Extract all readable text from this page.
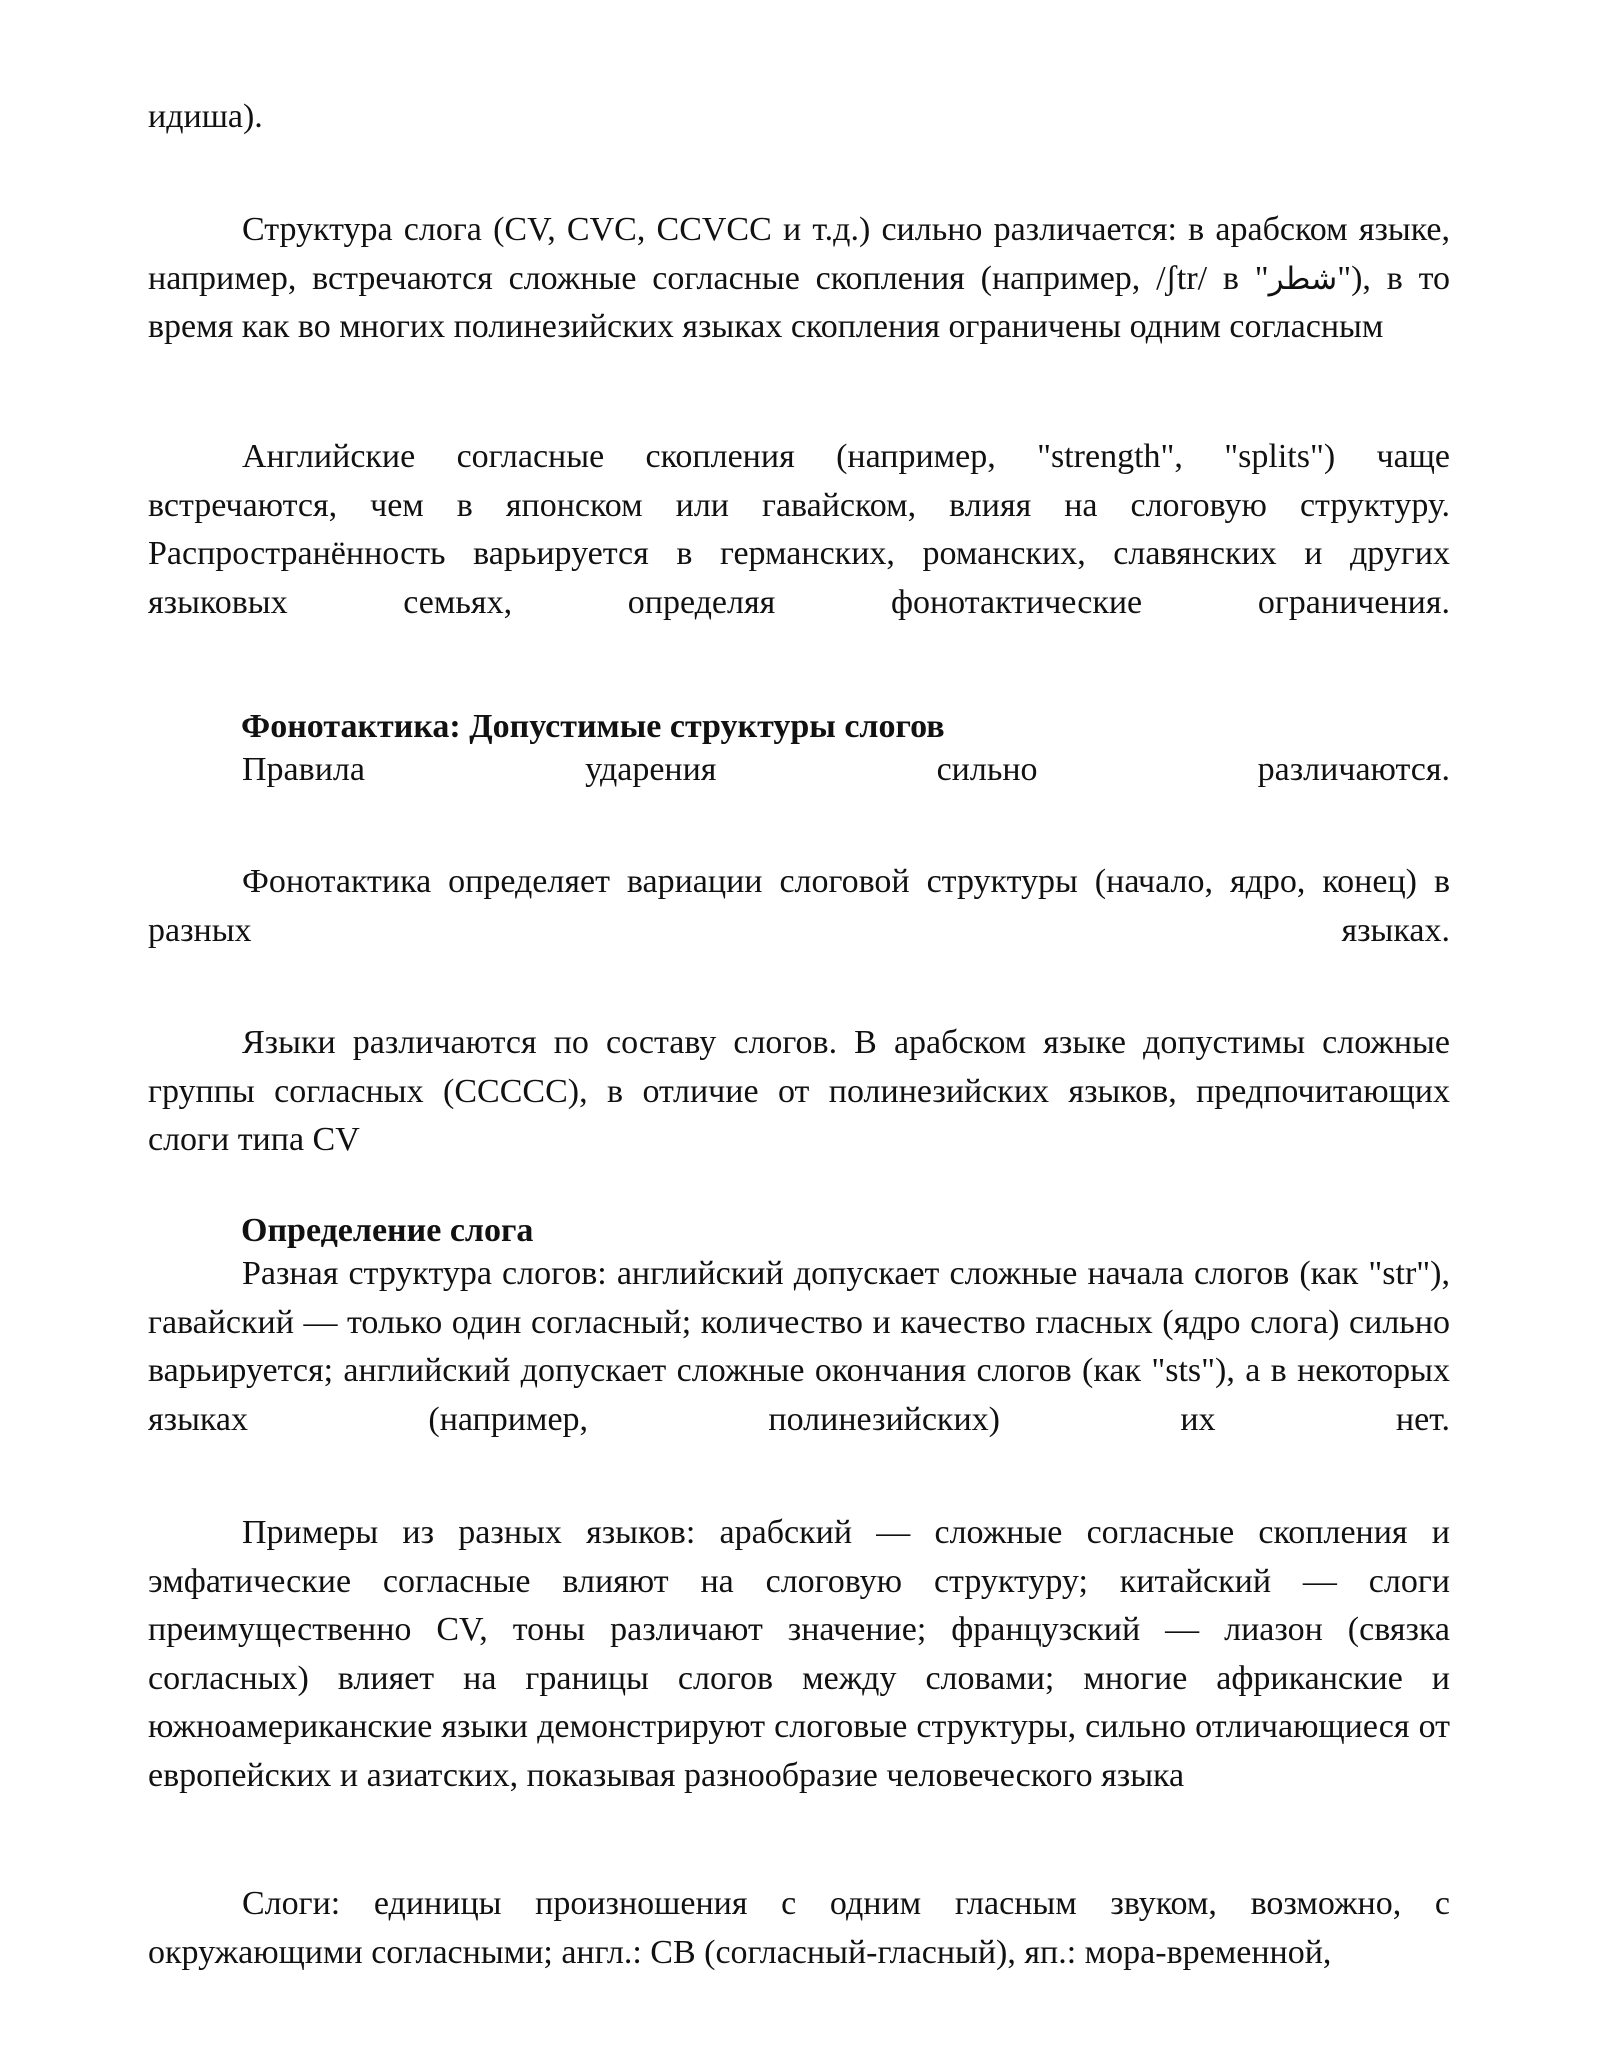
идиша).

Структура слога (CV, CVC, CCVCC и т.д.) сильно различается: в арабском языке, например, встречаются сложные согласные скопления (например, /ʃtr/ в "شطر"), в то время как во многих полинезийских языках скопления ограничены одним согласным

Английские согласные скопления (например, "strength", "splits") чаще встречаются, чем в японском или гавайском, влияя на слоговую структуру. Распространённость варьируется в германских, романских, славянских и других языковых семьях, определяя фонотактические ограничения.

Фонотактика: Допустимые структуры слогов

Правила ударения сильно различаются.

Фонотактика определяет вариации слоговой структуры (начало, ядро, конец) в разных языках.

Языки различаются по составу слогов. В арабском языке допустимы сложные группы согласных (CCCCC), в отличие от полинезийских языков, предпочитающих слоги типа CV

Определение слога

Разная структура слогов: английский допускает сложные начала слогов (как "str"), гавайский — только один согласный; количество и качество гласных (ядро слога) сильно варьируется; английский допускает сложные окончания слогов (как "sts"), а в некоторых языках (например, полинезийских) их нет.

Примеры из разных языков: арабский — сложные согласные скопления и эмфатические согласные влияют на слоговую структуру; китайский — слоги преимущественно CV, тоны различают значение; французский — лиазон (связка согласных) влияет на границы слогов между словами; многие африканские и южноамериканские языки демонстрируют слоговые структуры, сильно отличающиеся от европейских и азиатских, показывая разнообразие человеческого языка

Слоги: единицы произношения с одним гласным звуком, возможно, с окружающими согласными; англ.: СВ (согласный-гласный), яп.: мора-временной,
